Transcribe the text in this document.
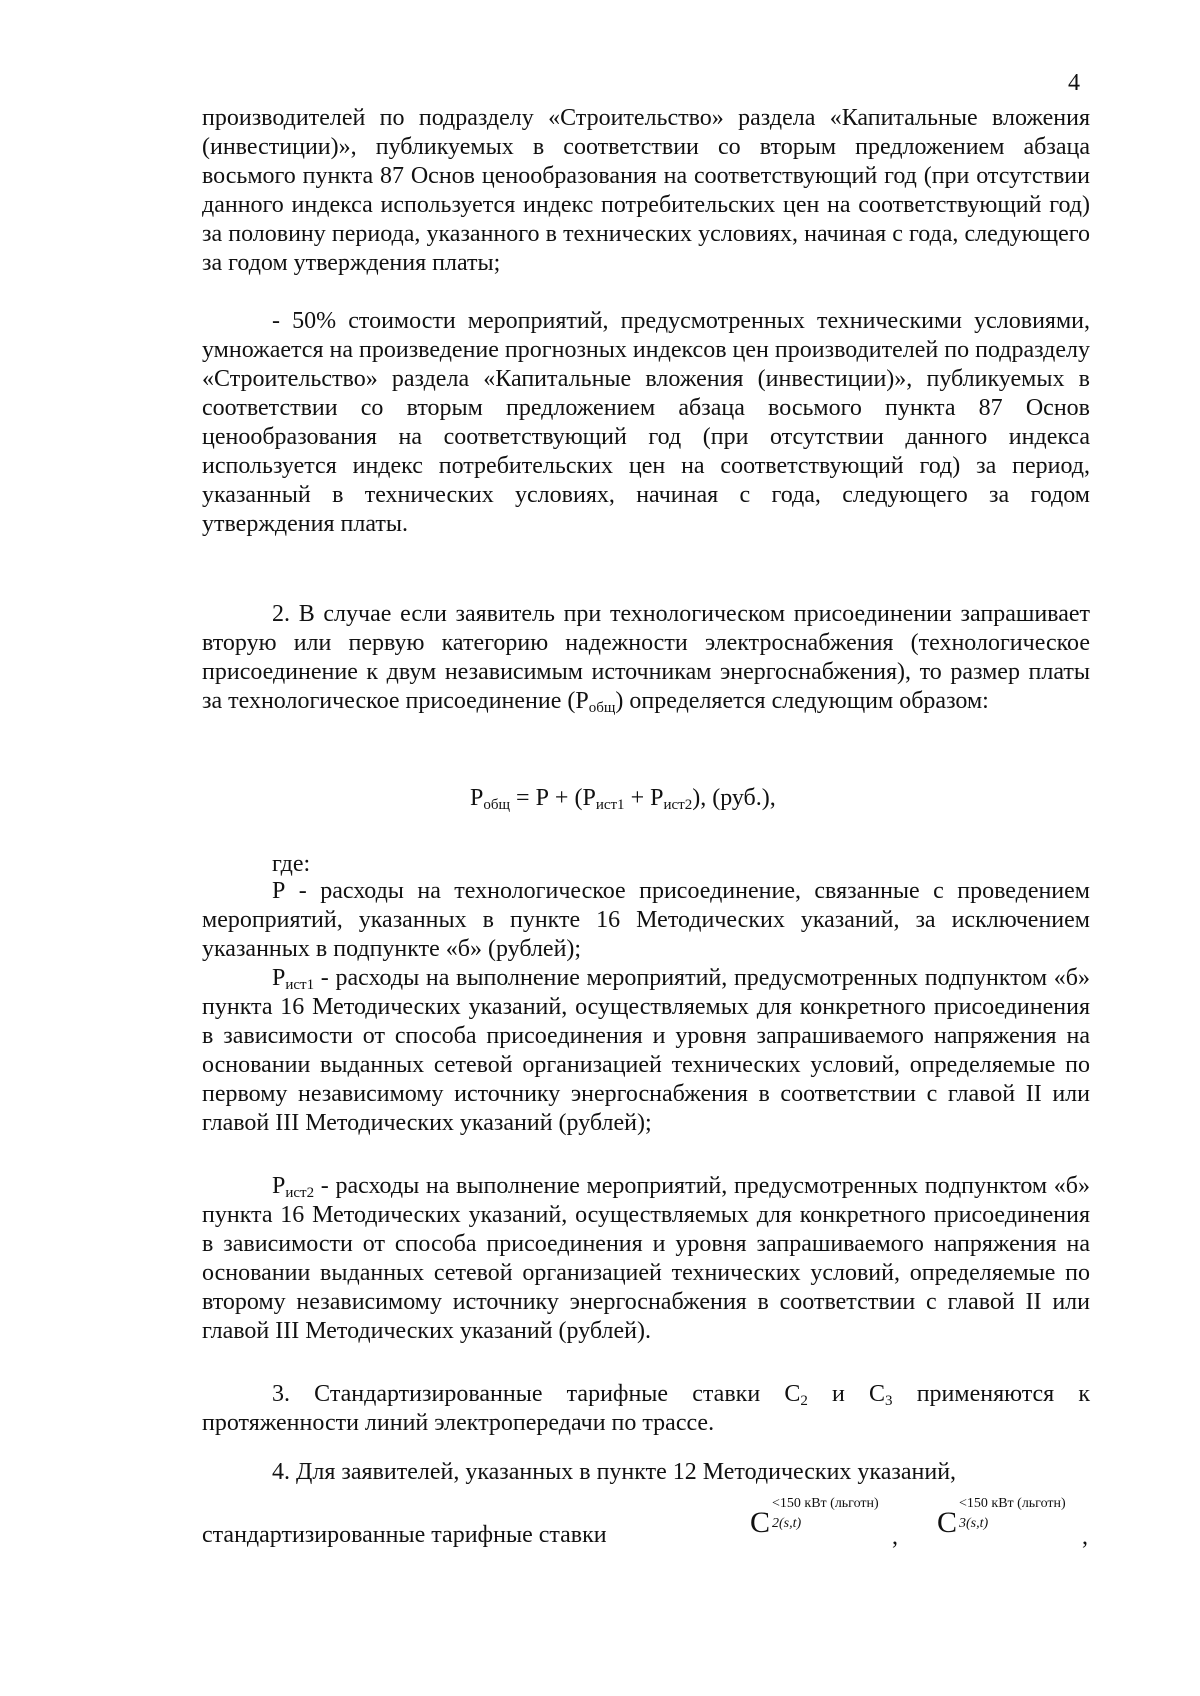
4

производителей по подразделу «Строительство» раздела «Капитальные вложения (инвестиции)», публикуемых в соответствии со вторым предложением абзаца восьмого пункта 87 Основ ценообразования на соответствующий год (при отсутствии данного индекса используется индекс потребительских цен на соответствующий год) за половину периода, указанного в технических условиях, начиная с года, следующего за годом утверждения платы;

- 50% стоимости мероприятий, предусмотренных техническими условиями, умножается на произведение прогнозных индексов цен производителей по подразделу «Строительство» раздела «Капитальные вложения (инвестиции)», публикуемых в соответствии со вторым предложением абзаца восьмого пункта 87 Основ ценообразования на соответствующий год (при отсутствии данного индекса используется индекс потребительских цен на соответствующий год) за период, указанный в технических условиях, начиная с года, следующего за годом утверждения платы.

2. В случае если заявитель при технологическом присоединении запрашивает вторую или первую категорию надежности электроснабжения (технологическое присоединение к двум независимым источникам энергоснабжения), то размер платы за технологическое присоединение $(Р_{общ})$ определяется следующим образом:

$Р_{общ} = Р + (Р_{ист1} + Р_{ист2})$, (руб.),
где:

Р - расходы на технологическое присоединение, связанные с проведением мероприятий, указанных в пункте 16 Методических указаний, за исключением указанных в подпункте «б» (рублей);

$Р_{ист1}$ - расходы на выполнение мероприятий, предусмотренных подпунктом «б» пункта 16 Методических указаний, осуществляемых для конкретного присоединения в зависимости от способа присоединения и уровня запрашиваемого напряжения на основании выданных сетевой организацией технических условий, определяемые по первому независимому источнику энергоснабжения в соответствии с главой II или главой III Методических указаний (рублей);

$Р_{ист2}$ - расходы на выполнение мероприятий, предусмотренных подпунктом «б» пункта 16 Методических указаний, осуществляемых для конкретного присоединения в зависимости от способа присоединения и уровня запрашиваемого напряжения на основании выданных сетевой организацией технических условий, определяемые по второму независимому источнику энергоснабжения в соответствии с главой II или главой III Методических указаний (рублей).

3. Стандартизированные тарифные ставки $С_2$ и $С_3$ применяются к протяженности линий электропередачи по трассе.

4. Для заявителей, указанных в пункте 12 Методических указаний,

стандартизированные тарифные ставки	С
<150 кВт (льготн)
2(s,t)
, С
<150 кВт (льготн)
3(s,t)
,
